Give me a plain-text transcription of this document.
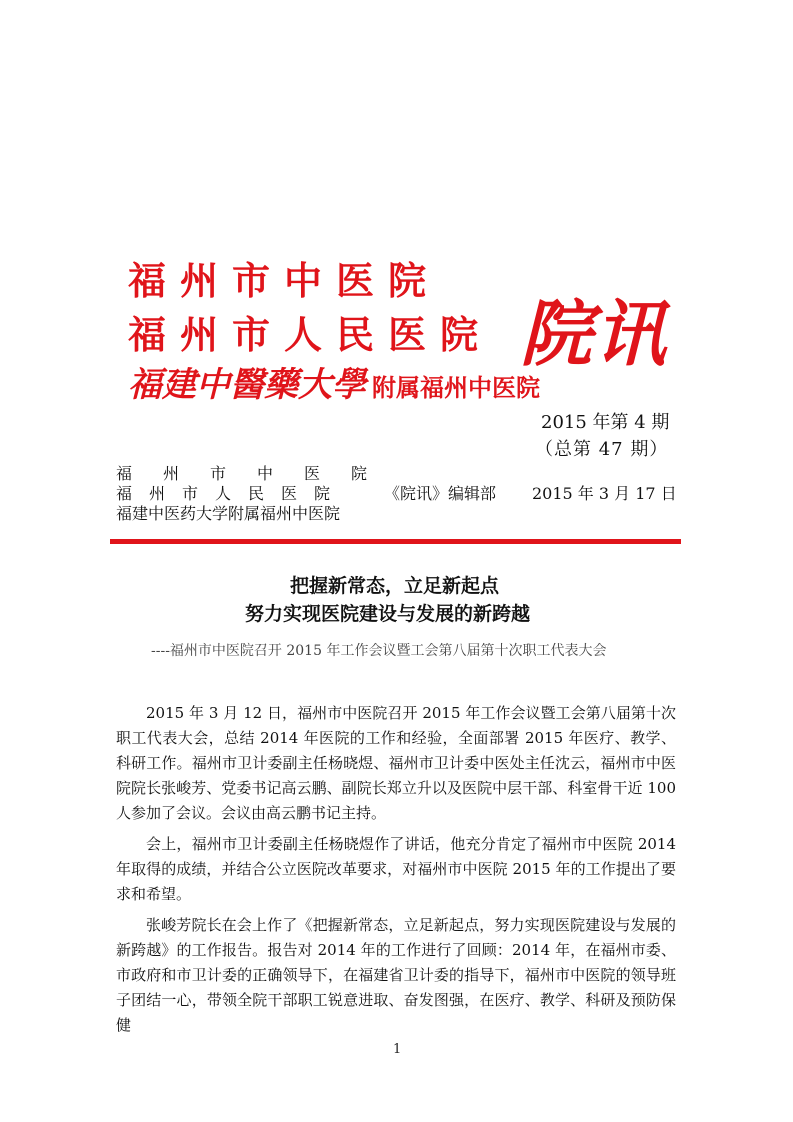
福州市中医院
福州市人民医院
福建中醫藥大學 附属福州中医院
院讯
2015 年第 4 期
（总第 47 期）
福州市中医院
福州市人民医院
福建中医药大学附属福州中医院
《院讯》编辑部 2015 年 3 月 17 日
把握新常态，立足新起点
努力实现医院建设与发展的新跨越
----福州市中医院召开 2015 年工作会议暨工会第八届第十次职工代表大会

2015 年 3 月 12 日，福州市中医院召开 2015 年工作会议暨工会第八届第十次职工代表大会，总结 2014 年医院的工作和经验，全面部署 2015 年医疗、教学、科研工作。福州市卫计委副主任杨晓煜、福州市卫计委中医处主任沈云，福州市中医院院长张峻芳、党委书记高云鹏、副院长郑立升以及医院中层干部、科室骨干近 100 人参加了会议。会议由高云鹏书记主持。

会上，福州市卫计委副主任杨晓煜作了讲话，他充分肯定了福州市中医院 2014 年取得的成绩，并结合公立医院改革要求，对福州市中医院 2015 年的工作提出了要求和希望。

张峻芳院长在会上作了《把握新常态，立足新起点，努力实现医院建设与发展的新跨越》的工作报告。报告对 2014 年的工作进行了回顾：2014 年，在福州市委、市政府和市卫计委的正确领导下，在福建省卫计委的指导下，福州市中医院的领导班子团结一心，带领全院干部职工锐意进取、奋发图强，在医疗、教学、科研及预防保健

1
